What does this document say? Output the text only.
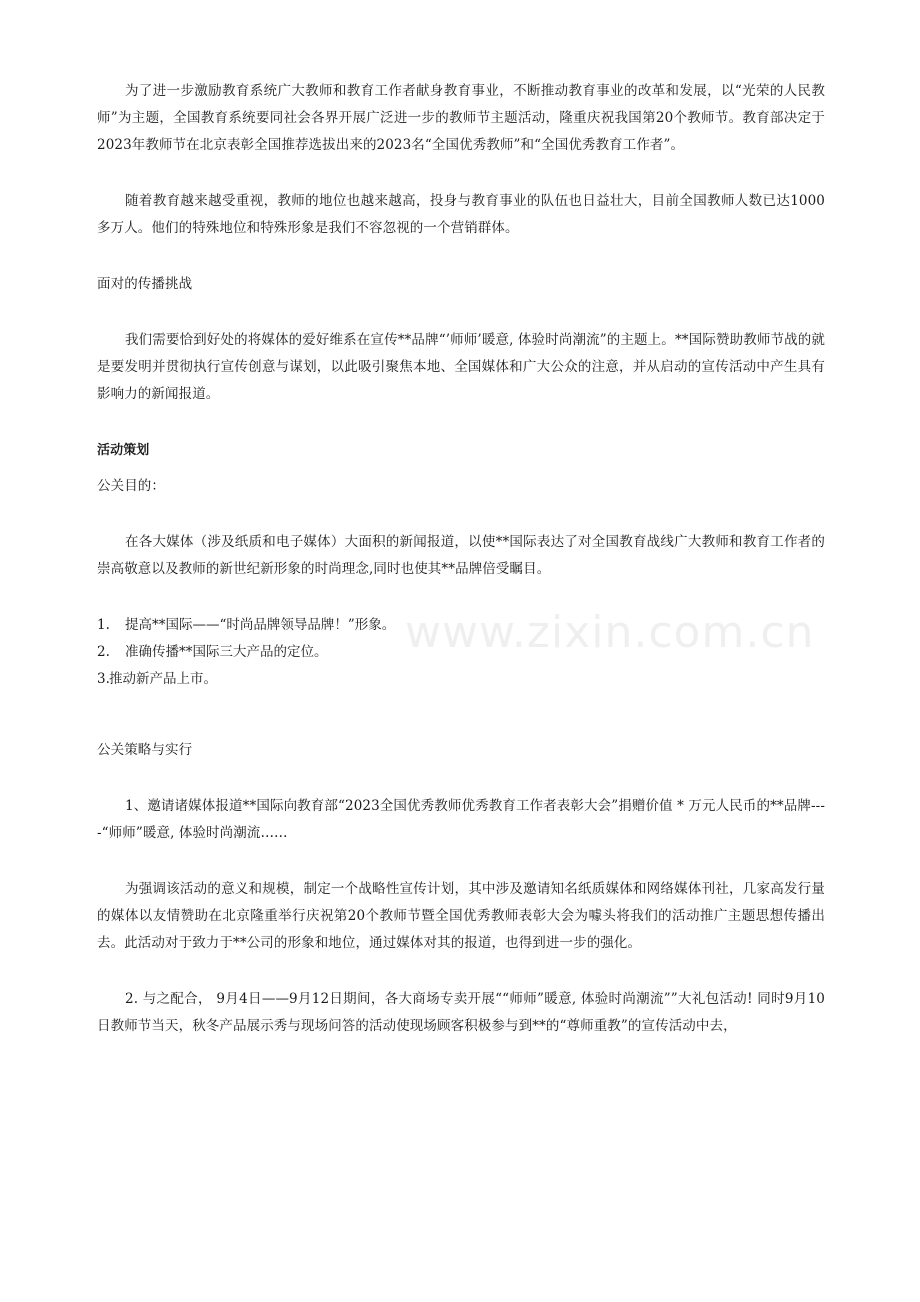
为了进一步激励教育系统广大教师和教育工作者献身教育事业，不断推动教育事业的改革和发展，以“光荣的人民教师”为主题，全国教育系统要同社会各界开展广泛进一步的教师节主题活动，隆重庆祝我国第20个教师节。教育部决定于2023年教师节在北京表彰全国推荐选拔出来的2023名“全国优秀教师”和“全国优秀教育工作者”。

随着教育越来越受重视，教师的地位也越来越高，投身与教育事业的队伍也日益壮大，目前全国教师人数已达1000多万人。他们的特殊地位和特殊形象是我们不容忽视的一个营销群体。

面对的传播挑战

我们需要恰到好处的将媒体的爱好维系在宣传**品牌“’师师’暖意, 体验时尚潮流”的主题上。**国际赞助教师节战的就是要发明并贯彻执行宣传创意与谋划，以此吸引聚焦本地、全国媒体和广大公众的注意，并从启动的宣传活动中产生具有影响力的新闻报道。

活动策划

公关目的：

在各大媒体（涉及纸质和电子媒体）大面积的新闻报道，以使**国际表达了对全国教育战线广大教师和教育工作者的崇高敬意以及教师的新世纪新形象的时尚理念,同时也使其**品牌倍受瞩目。

1. 提高**国际——“时尚品牌领导品牌！”形象。

2. 准确传播**国际三大产品的定位。

3.推动新产品上市。

公关策略与实行

1、邀请诸媒体报道**国际向教育部“2023全国优秀教师优秀教育工作者表彰大会”捐赠价值 * 万元人民币的**品牌----“师师”暖意, 体验时尚潮流……

为强调该活动的意义和规模，制定一个战略性宣传计划，其中涉及邀请知名纸质媒体和网络媒体刊社，几家高发行量的媒体以友情赞助在北京隆重举行庆祝第20个教师节暨全国优秀教师表彰大会为噱头将我们的活动推广主题思想传播出去。此活动对于致力于**公司的形象和地位，通过媒体对其的报道，也得到进一步的强化。

2. 与之配合， 9月4日——9月12日期间，各大商场专卖开展““师师”暖意, 体验时尚潮流””大礼包活动! 同时9月10日教师节当天，秋冬产品展示秀与现场问答的活动使现场顾客积极参与到**的“尊师重教”的宣传活动中去，

www.zixin.com.cn
